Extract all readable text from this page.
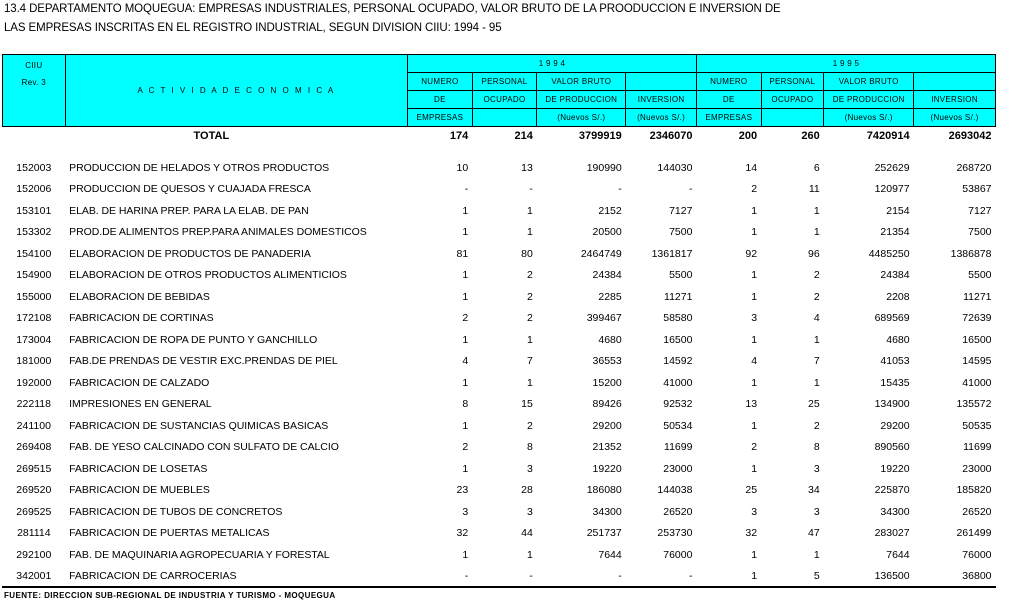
13.4 DEPARTAMENTO MOQUEGUA: EMPRESAS INDUSTRIALES, PERSONAL OCUPADO, VALOR BRUTO DE LA PROODUCCION E INVERSION DE
LAS EMPRESAS INSCRITAS EN EL REGISTRO INDUSTRIAL, SEGUN DIVISION CIIU: 1994 - 95
CIIU
Rev. 3	A C T I V I D A D E C O N O M I C A	1 9 9 4				1 9 9 5			
		NUMERO	PERSONAL	VALOR BRUTO		NUMERO	PERSONAL	VALOR BRUTO	
		DE	OCUPADO	DE PRODUCCION	INVERSION	DE	OCUPADO	DE PRODUCCION	INVERSION
		EMPRESAS		(Nuevos S/.)	(Nuevos S/.)	EMPRESAS		(Nuevos S/.)	(Nuevos S/.)
	TOTAL	174	214	3799919	2346070	200	260	7420914	2693042

152003	PRODUCCION DE HELADOS Y OTROS PRODUCTOS	10	13	190990	144030	14	6	252629	268720
152006	PRODUCCION DE QUESOS Y CUAJADA FRESCA	-	-	-	-	2	11	120977	53867
153101	ELAB. DE HARINA PREP. PARA LA ELAB. DE PAN	1	1	2152	7127	1	1	2154	7127
153302	PROD.DE ALIMENTOS PREP.PARA ANIMALES DOMESTICOS	1	1	20500	7500	1	1	21354	7500
154100	ELABORACION DE PRODUCTOS DE PANADERIA	81	80	2464749	1361817	92	96	4485250	1386878
154900	ELABORACION DE OTROS PRODUCTOS ALIMENTICIOS	1	2	24384	5500	1	2	24384	5500
155000	ELABORACION DE BEBIDAS	1	2	2285	11271	1	2	2208	11271
172108	FABRICACION DE CORTINAS	2	2	399467	58580	3	4	689569	72639
173004	FABRICACION DE ROPA DE PUNTO Y GANCHILLO	1	1	4680	16500	1	1	4680	16500
181000	FAB.DE PRENDAS DE VESTIR EXC.PRENDAS DE PIEL	4	7	36553	14592	4	7	41053	14595
192000	FABRICACION DE CALZADO	1	1	15200	41000	1	1	15435	41000
222118	IMPRESIONES EN GENERAL	8	15	89426	92532	13	25	134900	135572
241100	FABRICACION DE SUSTANCIAS QUIMICAS BASICAS	1	2	29200	50534	1	2	29200	50535
269408	FAB. DE YESO CALCINADO CON SULFATO DE CALCIO	2	8	21352	11699	2	8	890560	11699
269515	FABRICACION DE LOSETAS	1	3	19220	23000	1	3	19220	23000
269520	FABRICACION DE MUEBLES	23	28	186080	144038	25	34	225870	185820
269525	FABRICACION DE TUBOS DE CONCRETOS	3	3	34300	26520	3	3	34300	26520
281114	FABRICACION DE PUERTAS METALICAS	32	44	251737	253730	32	47	283027	261499
292100	FAB. DE MAQUINARIA AGROPECUARIA Y FORESTAL	1	1	7644	76000	1	1	7644	76000
342001	FABRICACION DE CARROCERIAS	-	-	-	-	1	5	136500	36800
FUENTE: DIRECCION SUB-REGIONAL DE INDUSTRIA Y TURISMO - MOQUEGUA
